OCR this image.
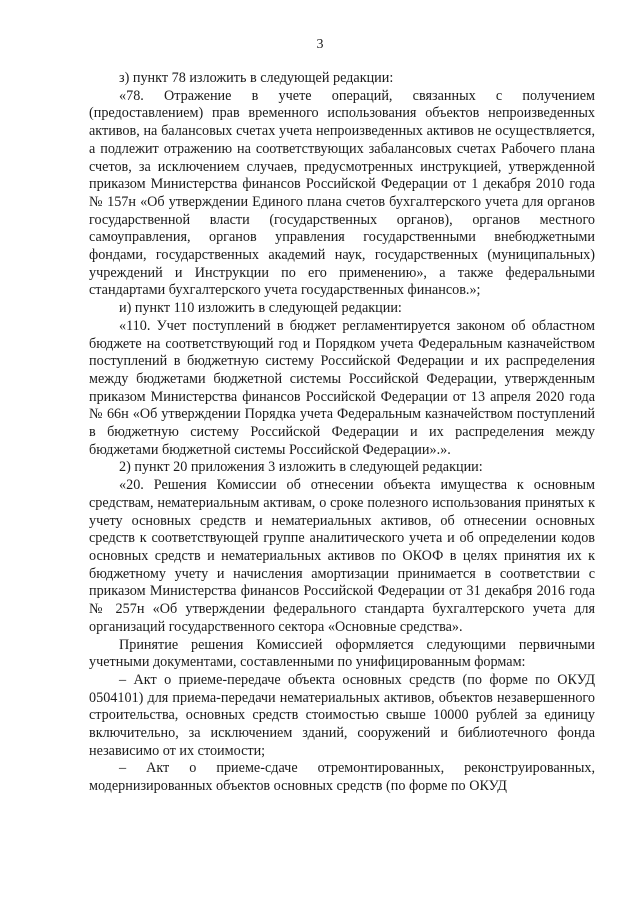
3

з) пункт 78 изложить в следующей редакции:

«78. Отражение в учете операций, связанных с получением (предоставлением) прав временного использования объектов непроизведенных активов, на балансовых счетах учета непроизведенных активов не осуществляется, а подлежит отражению на соответствующих забалансовых счетах Рабочего плана счетов, за исключением случаев, предусмотренных инструкцией, утвержденной приказом Министерства финансов Российской Федерации от 1 декабря 2010 года № 157н «Об утверждении Единого плана счетов бухгалтерского учета для органов государственной власти (государственных органов), органов местного самоуправления, органов управления государственными внебюджетными фондами, государственных академий наук, государственных (муниципальных) учреждений и Инструкции по его применению», а также федеральными стандартами бухгалтерского учета государственных финансов.»;

и) пункт 110 изложить в следующей редакции:

«110. Учет поступлений в бюджет регламентируется законом об областном бюджете на соответствующий год и Порядком учета Федеральным казначейством поступлений в бюджетную систему Российской Федерации и их распределения между бюджетами бюджетной системы Российской Федерации, утвержденным приказом Министерства финансов Российской Федерации от 13 апреля 2020 года № 66н «Об утверждении Порядка учета Федеральным казначейством поступлений в бюджетную систему Российской Федерации и их распределения между бюджетами бюджетной системы Российской Федерации».».

2) пункт 20 приложения 3 изложить в следующей редакции:

«20. Решения Комиссии об отнесении объекта имущества к основным средствам, нематериальным активам, о сроке полезного использования принятых к учету основных средств и нематериальных активов, об отнесении основных средств к соответствующей группе аналитического учета и об определении кодов основных средств и нематериальных активов по ОКОФ в целях принятия их к бюджетному учету и начисления амортизации принимается в соответствии с приказом Министерства финансов Российской Федерации от 31 декабря 2016 года № 257н «Об утверждении федерального стандарта бухгалтерского учета для организаций государственного сектора «Основные средства».

Принятие решения Комиссией оформляется следующими первичными учетными документами, составленными по унифицированным формам:

– Акт о приеме-передаче объекта основных средств (по форме по ОКУД 0504101) для приема-передачи нематериальных активов, объектов незавершенного строительства, основных средств стоимостью свыше 10000 рублей за единицу включительно, за исключением зданий, сооружений и библиотечного фонда независимо от их стоимости;

– Акт о приеме-сдаче отремонтированных, реконструированных, модернизированных объектов основных средств (по форме по ОКУД
